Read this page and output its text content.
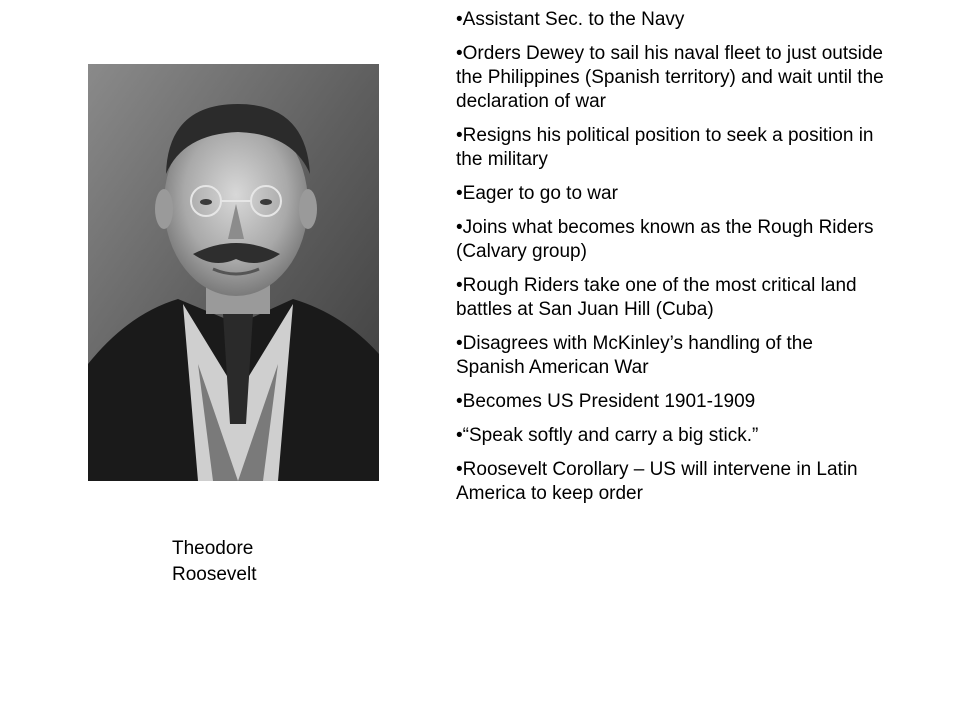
Theodore
Roosevelt
•Assistant Sec. to the Navy
•Orders Dewey to sail his naval fleet to just outside the Philippines (Spanish territory) and wait until the declaration of war
•Resigns his political position to seek a position in the military
•Eager to go to war
•Joins what becomes known as the Rough Riders (Calvary group)
•Rough Riders take one of the most critical land battles at San Juan Hill (Cuba)
•Disagrees with McKinley’s handling of the Spanish American War
•Becomes US President 1901-1909
•“Speak softly and carry a big stick.”
•Roosevelt Corollary – US will intervene in Latin America to keep order
